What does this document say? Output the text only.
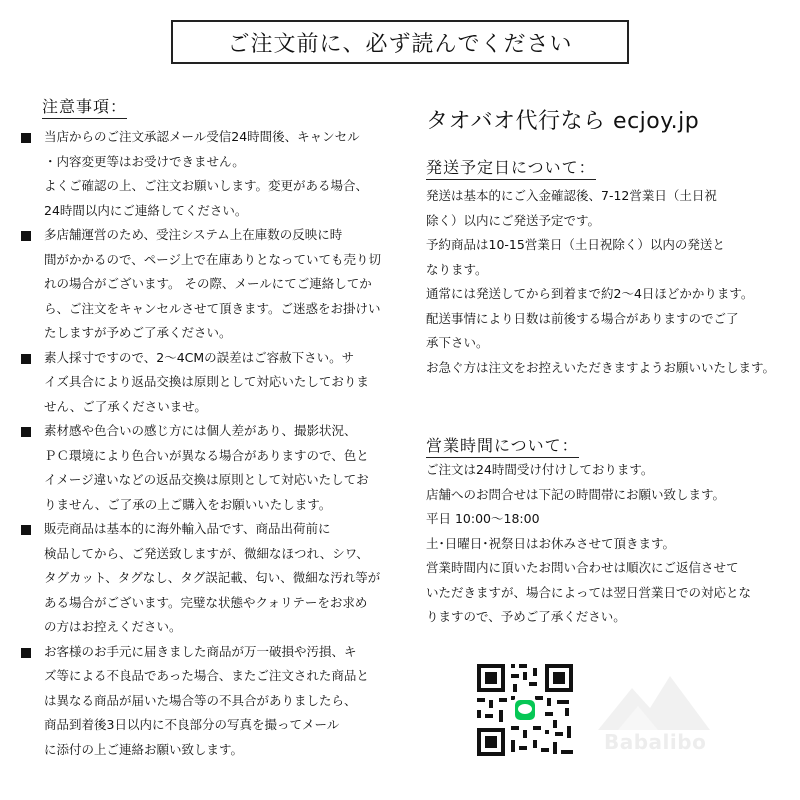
ご注文前に、必ず読んでください
注意事項：
当店からのご注文承認メール受信24時間後、キャンセル
・内容変更等はお受けできません。
よくご確認の上、ご注文お願いします。変更がある場合、
24時間以内にご連絡してください。
多店舗運営のため、受注システム上在庫数の反映に時
間がかかるので、ページ上で在庫ありとなっていても売り切
れの場合がございます。 その際、メールにてご連絡してか
ら、ご注文をキャンセルさせて頂きます。ご迷惑をお掛けい
たしますが予めご了承ください。
素人採寸ですので、2～4CMの誤差はご容赦下さい。サ
イズ具合により返品交換は原則として対応いたしておりま
せん、ご了承くださいませ。
素材感や色合いの感じ方には個人差があり、撮影状況、
ＰＣ環境により色合いが異なる場合がありますので、色と
イメージ違いなどの返品交換は原則として対応いたしてお
りません、ご了承の上ご購入をお願いいたします。
販売商品は基本的に海外輸入品です、商品出荷前に
検品してから、ご発送致しますが、微細なほつれ、シワ、
タグカット、タグなし、タグ誤記載、匂い、微細な汚れ等が
ある場合がございます。完璧な状態やクォリテーをお求め
の方はお控えください。
お客様のお手元に届きました商品が万一破損や汚損、キ
ズ等による不良品であった場合、またご注文された商品と
は異なる商品が届いた場合等の不具合がありましたら、
商品到着後3日以内に不良部分の写真を撮ってメール
に添付の上ご連絡お願い致します。
タオバオ代行なら ecjoy.jp
発送予定日について：
発送は基本的にご入金確認後、7-12営業日（土日祝
除く）以内にご発送予定です。
予約商品は10-15営業日（土日祝除く）以内の発送と
なります。
通常には発送してから到着まで約2～4日ほどかかります。
配送事情により日数は前後する場合がありますのでご了
承下さい。
お急ぐ方は注文をお控えいただきますようお願いいたします。
営業時間について：
ご注文は24時間受け付けしております。
店舗へのお問合せは下記の時間帯にお願い致します。
平日 10:00～18:00
土･日曜日･祝祭日はお休みさせて頂きます。
営業時間内に頂いたお問い合わせは順次にご返信させて
いただきますが、場合によっては翌日営業日での対応とな
りますので、予めご了承ください。
Babalibo
